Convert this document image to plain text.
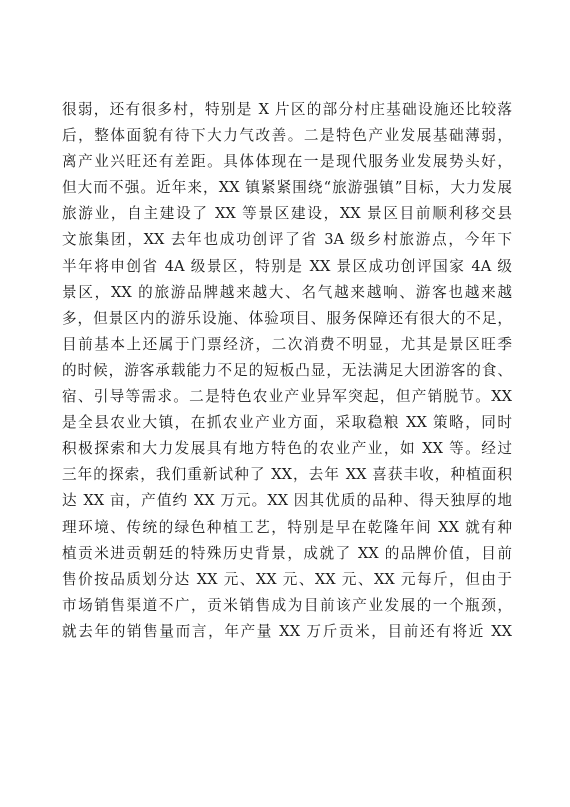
很弱，还有很多村，特别是 X 片区的部分村庄基础设施还比较落
后，整体面貌有待下大力气改善。二是特色产业发展基础薄弱，
离产业兴旺还有差距。具体体现在一是现代服务业发展势头好，
但大而不强。近年来，XX 镇紧紧围绕“旅游强镇”目标，大力发展
旅游业，自主建设了 XX 等景区建设，XX 景区目前顺利移交县
文旅集团，XX 去年也成功创评了省 3A 级乡村旅游点，今年下
半年将申创省 4A 级景区，特别是 XX 景区成功创评国家 4A 级
景区，XX 的旅游品牌越来越大、名气越来越响、游客也越来越
多，但景区内的游乐设施、体验项目、服务保障还有很大的不足，
目前基本上还属于门票经济，二次消费不明显，尤其是景区旺季
的时候，游客承载能力不足的短板凸显，无法满足大团游客的食、
宿、引导等需求。二是特色农业产业异军突起，但产销脱节。XX
是全县农业大镇，在抓农业产业方面，采取稳粮 XX 策略，同时
积极探索和大力发展具有地方特色的农业产业，如 XX 等。经过
三年的探索，我们重新试种了 XX，去年 XX 喜获丰收，种植面积
达 XX 亩，产值约 XX 万元。XX 因其优质的品种、得天独厚的地
理环境、传统的绿色种植工艺，特别是早在乾隆年间 XX 就有种
植贡米进贡朝廷的特殊历史背景，成就了 XX 的品牌价值，目前
售价按品质划分达 XX 元、XX 元、XX 元、XX 元每斤，但由于
市场销售渠道不广，贡米销售成为目前该产业发展的一个瓶颈，
就去年的销售量而言，年产量 XX 万斤贡米，目前还有将近 XX
